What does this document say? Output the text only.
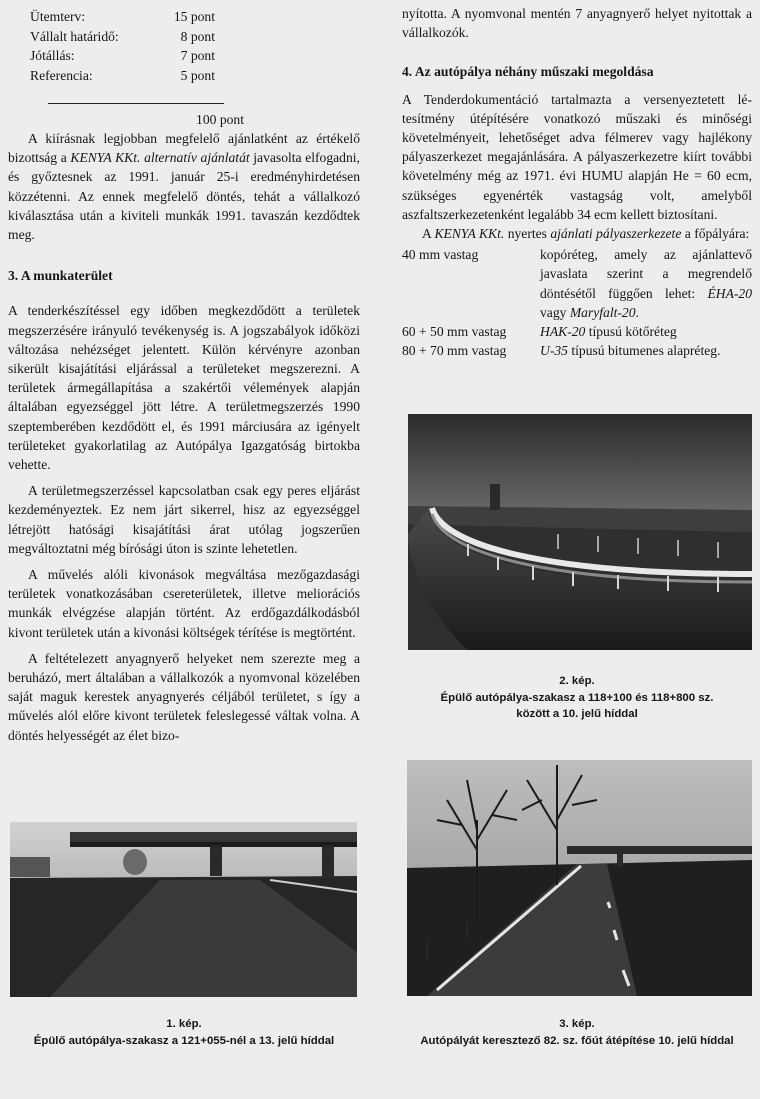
Ütemterv:	15 pont
Vállalt határidő:	8 pont
Jótállás:	7 pont
Referencia:	5 pont
100 pont

A kiírásnak legjobban megfelelő ajánlatként az értékelő bizottság a KENYA KKt. alternatív ajánlatát javasolta elfogadni, és győztesnek az 1991. január 25-i eredményhirdetésen közzétenni. Az ennek megfelelő döntés, tehát a vállalkozó kiválasztása után a kiviteli munkák 1991. tavaszán kezdődtek meg.

3. A munkaterület

A tenderkészítéssel egy időben megkezdődött a területek megszerzésére irányuló tevékenység is. A jogszabályok időközi változása nehézséget jelentett. Külön kérvényre azonban sikerült kisajátítási eljárással a területeket megszerezni. A területek ármegállapítása a szakértői vélemények alapján általában egyezséggel jött létre. A területmegszerzés 1990 szeptemberében kezdődött el, és 1991 márciusára az igényelt területeket gyakorlatilag az Autópálya Igazgatóság birtokba vehette.

A területmegszerzéssel kapcsolatban csak egy peres eljárást kezdeményeztek. Ez nem járt sikerrel, hisz az egyezséggel létrejött hatósági kisajátítási árat utólag jogszerűen megváltoztatni még bírósági úton is szinte lehetetlen.

A művelés alóli kivonások megváltása mezőgazdasági területek vonatkozásában csereterületek, illetve meliorációs munkák elvégzése alapján történt. Az erdőgazdálkodásból kivont területek után a kivonási költségek térítése is megtörtént.

A feltételezett anyagnyerő helyeket nem szerezte meg a beruházó, mert általában a vállalkozók a nyomvonal közelében saját maguk kerestek anyagnyerés céljából területet, s így a művelés alól előre kivont területek feleslegessé váltak volna. A döntés helyességét az élet bizo-

nyította. A nyomvonal mentén 7 anyagnyerő helyet nyitottak a vállalkozók.

4. Az autópálya néhány műszaki megoldása

A Tenderdokumentáció tartalmazta a versenyeztetett létesítmény útépítésére vonatkozó műszaki és minőségi követelményeit, lehetőséget adva félmerev vagy hajlékony pályaszerkezet megajánlására. A pályaszerkezetre kiírt további követelmény még az 1971. évi HUMU alapján He = 60 ecm, szükséges egyenérték vastagság volt, amelyből aszfaltszerkezetenként legalább 34 ecm kellett biztosítani.

A KENYA KKt. nyertes ajánlati pályaszerkezete a főpályára:

40 mm vastag	kopóréteg, amely az ajánlattevő javaslata szerint a megrendelő döntésétől függően lehet: ÉHA-20 vagy Maryfalt-20.
60 + 50 mm vastag	HAK-20 típusú kötőréteg
80 + 70 mm vastag	U-35 típusú bitumenes alapréteg.
2. kép.
Épülő autópálya-szakasz a 118+100 és 118+800 sz.
között a 10. jelű híddal
1. kép.
Épülő autópálya-szakasz a 121+055-nél a 13. jelű híddal
3. kép.
Autópályát keresztező 82. sz. főút átépítése 10. jelű híddal
